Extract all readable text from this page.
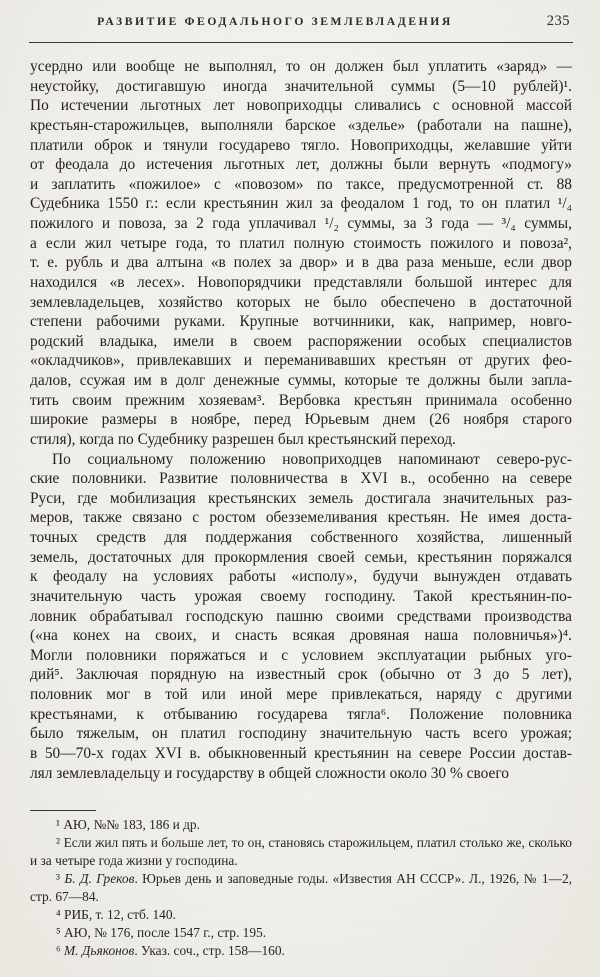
РАЗВИТИЕ ФЕОДАЛЬНОГО ЗЕМЛЕВЛАДЕНИЯ	235
усердно или вообще не выполнял, то он должен был уплатить «заряд» —
неустойку, достигавшую иногда значительной суммы (5—10 рублей)¹.
По истечении льготных лет новоприходцы сливались с основной массой
крестьян-старожильцев, выполняли барское «зделье» (работали на пашне),
платили оброк и тянули государево тягло. Новоприходцы, желавшие уйти
от феодала до истечения льготных лет, должны были вернуть «подмогу»
и заплатить «пожилое» с «повозом» по таксе, предусмотренной ст. 88
Судебника 1550 г.: если крестьянин жил за феодалом 1 год, то он платил ¹/₄
пожилого и повоза, за 2 года уплачивал ¹/₂ суммы, за 3 года — ³/₄ суммы,
а если жил четыре года, то платил полную стоимость пожилого и повоза²,
т. е. рубль и два алтына «в полех за двор» и в два раза меньше, если двор
находился «в лесех». Новопорядчики представляли большой интерес для
землевладельцев, хозяйство которых не было обеспечено в достаточной
степени рабочими руками. Крупные вотчинники, как, например, новго-
родский владыка, имели в своем распоряжении особых специалистов
«окладчиков», привлекавших и переманивавших крестьян от других фео-
далов, ссужая им в долг денежные суммы, которые те должны были запла-
тить своим прежним хозяевам³. Вербовка крестьян принимала особенно
широкие размеры в ноябре, перед Юрьевым днем (26 ноября старого
стиля), когда по Судебнику разрешен был крестьянский переход.
По социальному положению новоприходцев напоминают северо-рус-
ские половники. Развитие половничества в XVI в., особенно на севере
Руси, где мобилизация крестьянских земель достигала значительных раз-
меров, также связано с ростом обезземеливания крестьян. Не имея доста-
точных средств для поддержания собственного хозяйства, лишенный
земель, достаточных для прокормления своей семьи, крестьянин поряжался
к феодалу на условиях работы «исполу», будучи вынужден отдавать
значительную часть урожая своему господину. Такой крестьянин-по-
ловник обрабатывал господскую пашню своими средствами производства
(«на конех на своих, и снасть всякая дровяная наша половничья»)⁴.
Могли половники поряжаться и с условием эксплуатации рыбных уго-
дий⁵. Заключая порядную на известный срок (обычно от 3 до 5 лет),
половник мог в той или иной мере привлекаться, наряду с другими
крестьянами, к отбыванию государева тягла⁶. Положение половника
было тяжелым, он платил господину значительную часть всего урожая;
в 50—70-х годах XVI в. обыкновенный крестьянин на севере России достав-
лял землевладельцу и государству в общей сложности около 30 % своего
¹ АЮ, №№ 183, 186 и др.
² Если жил пять и больше лет, то он, становясь старожильцем, платил столько же, сколько и за четыре года жизни у господина.
³ Б. Д. Греков. Юрьев день и заповедные годы. «Известия АН СССР». Л., 1926, № 1—2, стр. 67—84.
⁴ РИБ, т. 12, стб. 140.
⁵ АЮ, № 176, после 1547 г., стр. 195.
⁶ М. Дьяконов. Указ. соч., стр. 158—160.
